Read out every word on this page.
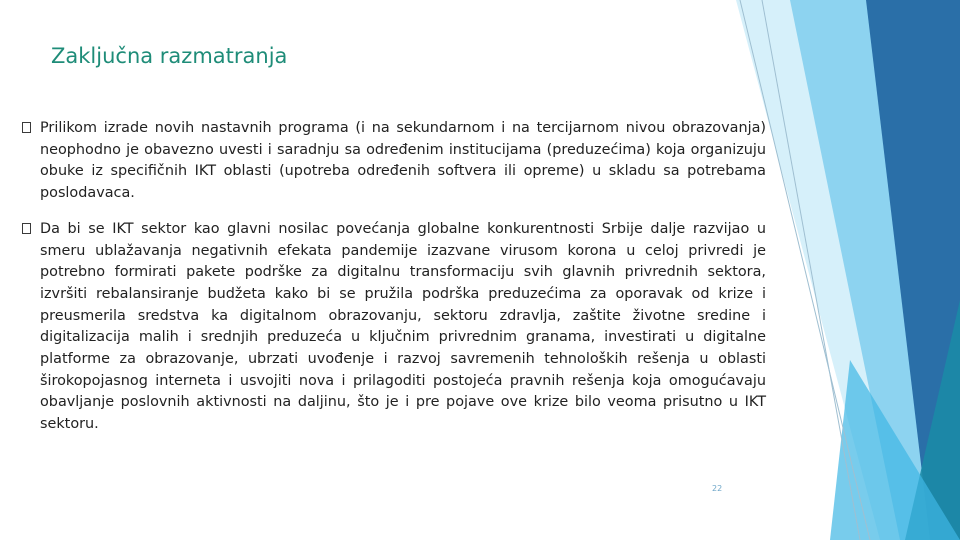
Zaključna razmatranja
Prilikom izrade novih nastavnih programa (i na sekundarnom i na tercijarnom nivou obrazovanja) neophodno je obavezno uvesti i saradnju sa određenim institucijama (preduzećima) koja organizuju obuke iz specifičnih IKT oblasti (upotreba određenih softvera ili opreme) u skladu sa potrebama poslodavaca.
Da bi se IKT sektor kao glavni nosilac povećanja globalne konkurentnosti Srbije dalje razvijao u smeru ublažavanja negativnih efekata pandemije izazvane virusom korona u celoj privredi je potrebno formirati pakete podrške za digitalnu transformaciju svih glavnih privrednih sektora, izvršiti rebalansiranje budžeta kako bi se pružila podrška preduzećima za oporavak od krize i preusmerila sredstva ka digitalnom obrazovanju, sektoru zdravlja, zaštite životne sredine i digitalizacija malih i srednjih preduzeća u ključnim privrednim granama, investirati u digitalne platforme za obrazovanje, ubrzati uvođenje i razvoj savremenih tehnoloških rešenja u oblasti širokopojasnog interneta i usvojiti nova i prilagoditi postojeća pravnih rešenja koja omogućavaju obavljanje poslovnih aktivnosti na daljinu, što je i pre pojave ove krize bilo veoma prisutno u IKT sektoru.
22
